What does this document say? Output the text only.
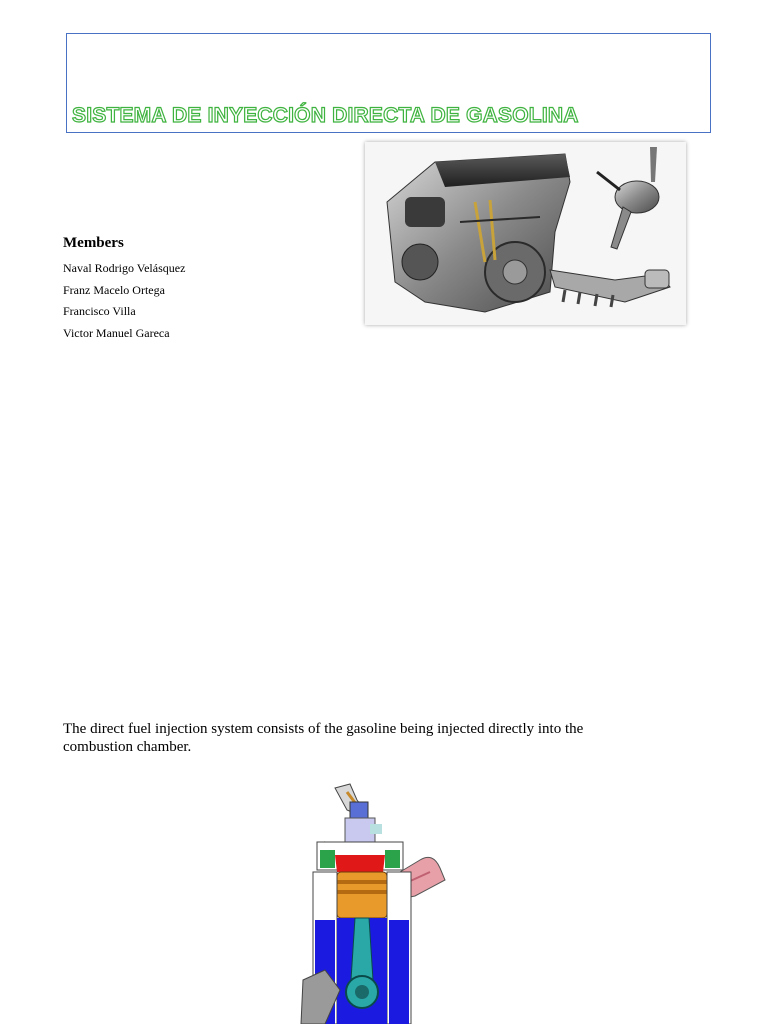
SISTEMA DE INYECCIÓN DIRECTA DE GASOLINA
Members
Naval Rodrigo Velásquez
Franz Macelo Ortega
Francisco Villa
Victor Manuel Gareca

The direct fuel injection system consists of the gasoline being injected directly into the combustion chamber.
